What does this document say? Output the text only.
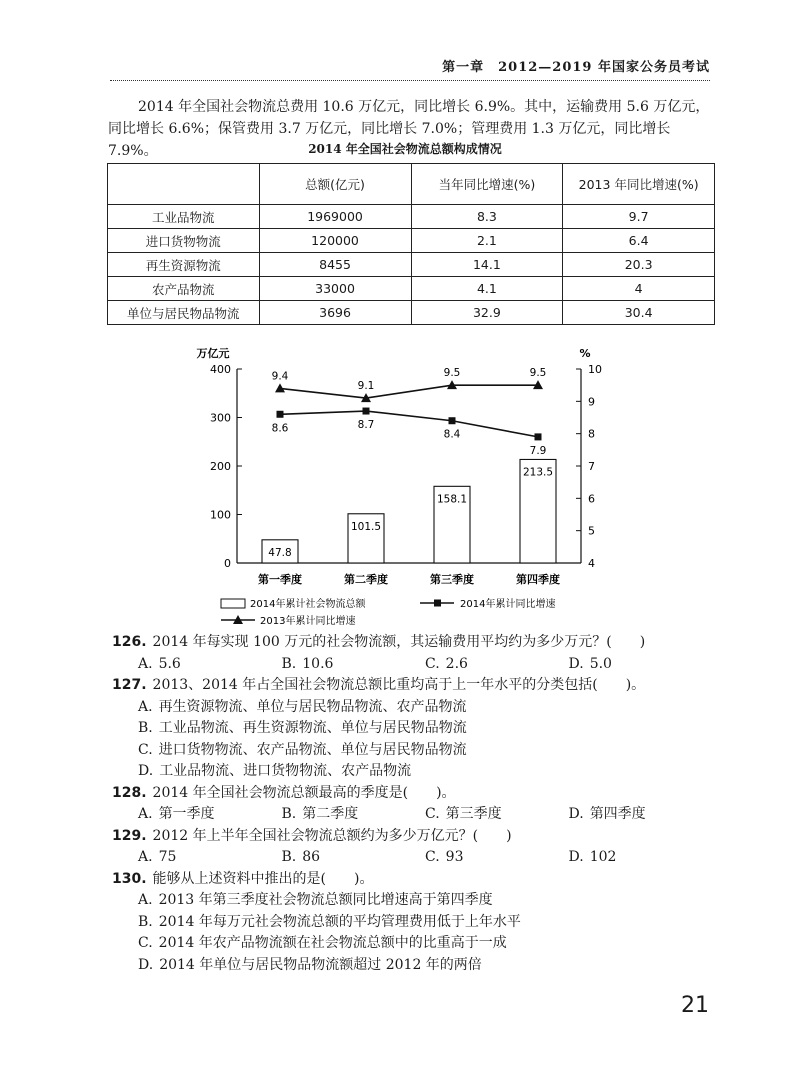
第一章　2012—2019 年国家公务员考试
2014 年全国社会物流总费用 10.6 万亿元，同比增长 6.9%。其中，运输费用 5.6 万亿元，同比增长 6.6%；保管费用 3.7 万亿元，同比增长 7.0%；管理费用 1.3 万亿元，同比增长 7.9%。	2014 年全国社会物流总额构成情况
	总额(亿元)	当年同比增速(%)	2013 年同比增速(%)
工业品物流	1969000	8.3	9.7
进口货物物流	120000	2.1	6.4
再生资源物流	8455	14.1	20.3
农产品物流	33000	4.1	4
单位与居民物品物流	3696	32.9	30.4
0
100
200
300
400
4
5
6
7
8
9
10
万亿元	%
第一季度	第二季度	第三季度	第四季度
47.8
101.5
158.1
213.5
8.6	8.7
8.4
7.9
9.4
9.1
9.5	9.5
2014年累计社会物流总额	2014年累计同比增速
2013年累计同比增速

126. 2014 年每实现 100 万元的社会物流额，其运输费用平均约为多少万元？(　　)

A. 5.6	B. 10.6	C. 2.6	D. 5.0

127. 2013、2014 年占全国社会物流总额比重均高于上一年水平的分类包括(　　)。

A. 再生资源物流、单位与居民物品物流、农产品物流
B. 工业品物流、再生资源物流、单位与居民物品物流
C. 进口货物物流、农产品物流、单位与居民物品物流
D. 工业品物流、进口货物物流、农产品物流

128. 2014 年全国社会物流总额最高的季度是(　　)。

A. 第一季度	B. 第二季度	C. 第三季度	D. 第四季度

129. 2012 年上半年全国社会物流总额约为多少万亿元？(　　)

A. 75	B. 86	C. 93	D. 102

130. 能够从上述资料中推出的是(　　)。

A. 2013 年第三季度社会物流总额同比增速高于第四季度
B. 2014 年每万元社会物流总额的平均管理费用低于上年水平
C. 2014 年农产品物流额在社会物流总额中的比重高于一成
D. 2014 年单位与居民物品物流额超过 2012 年的两倍
21
